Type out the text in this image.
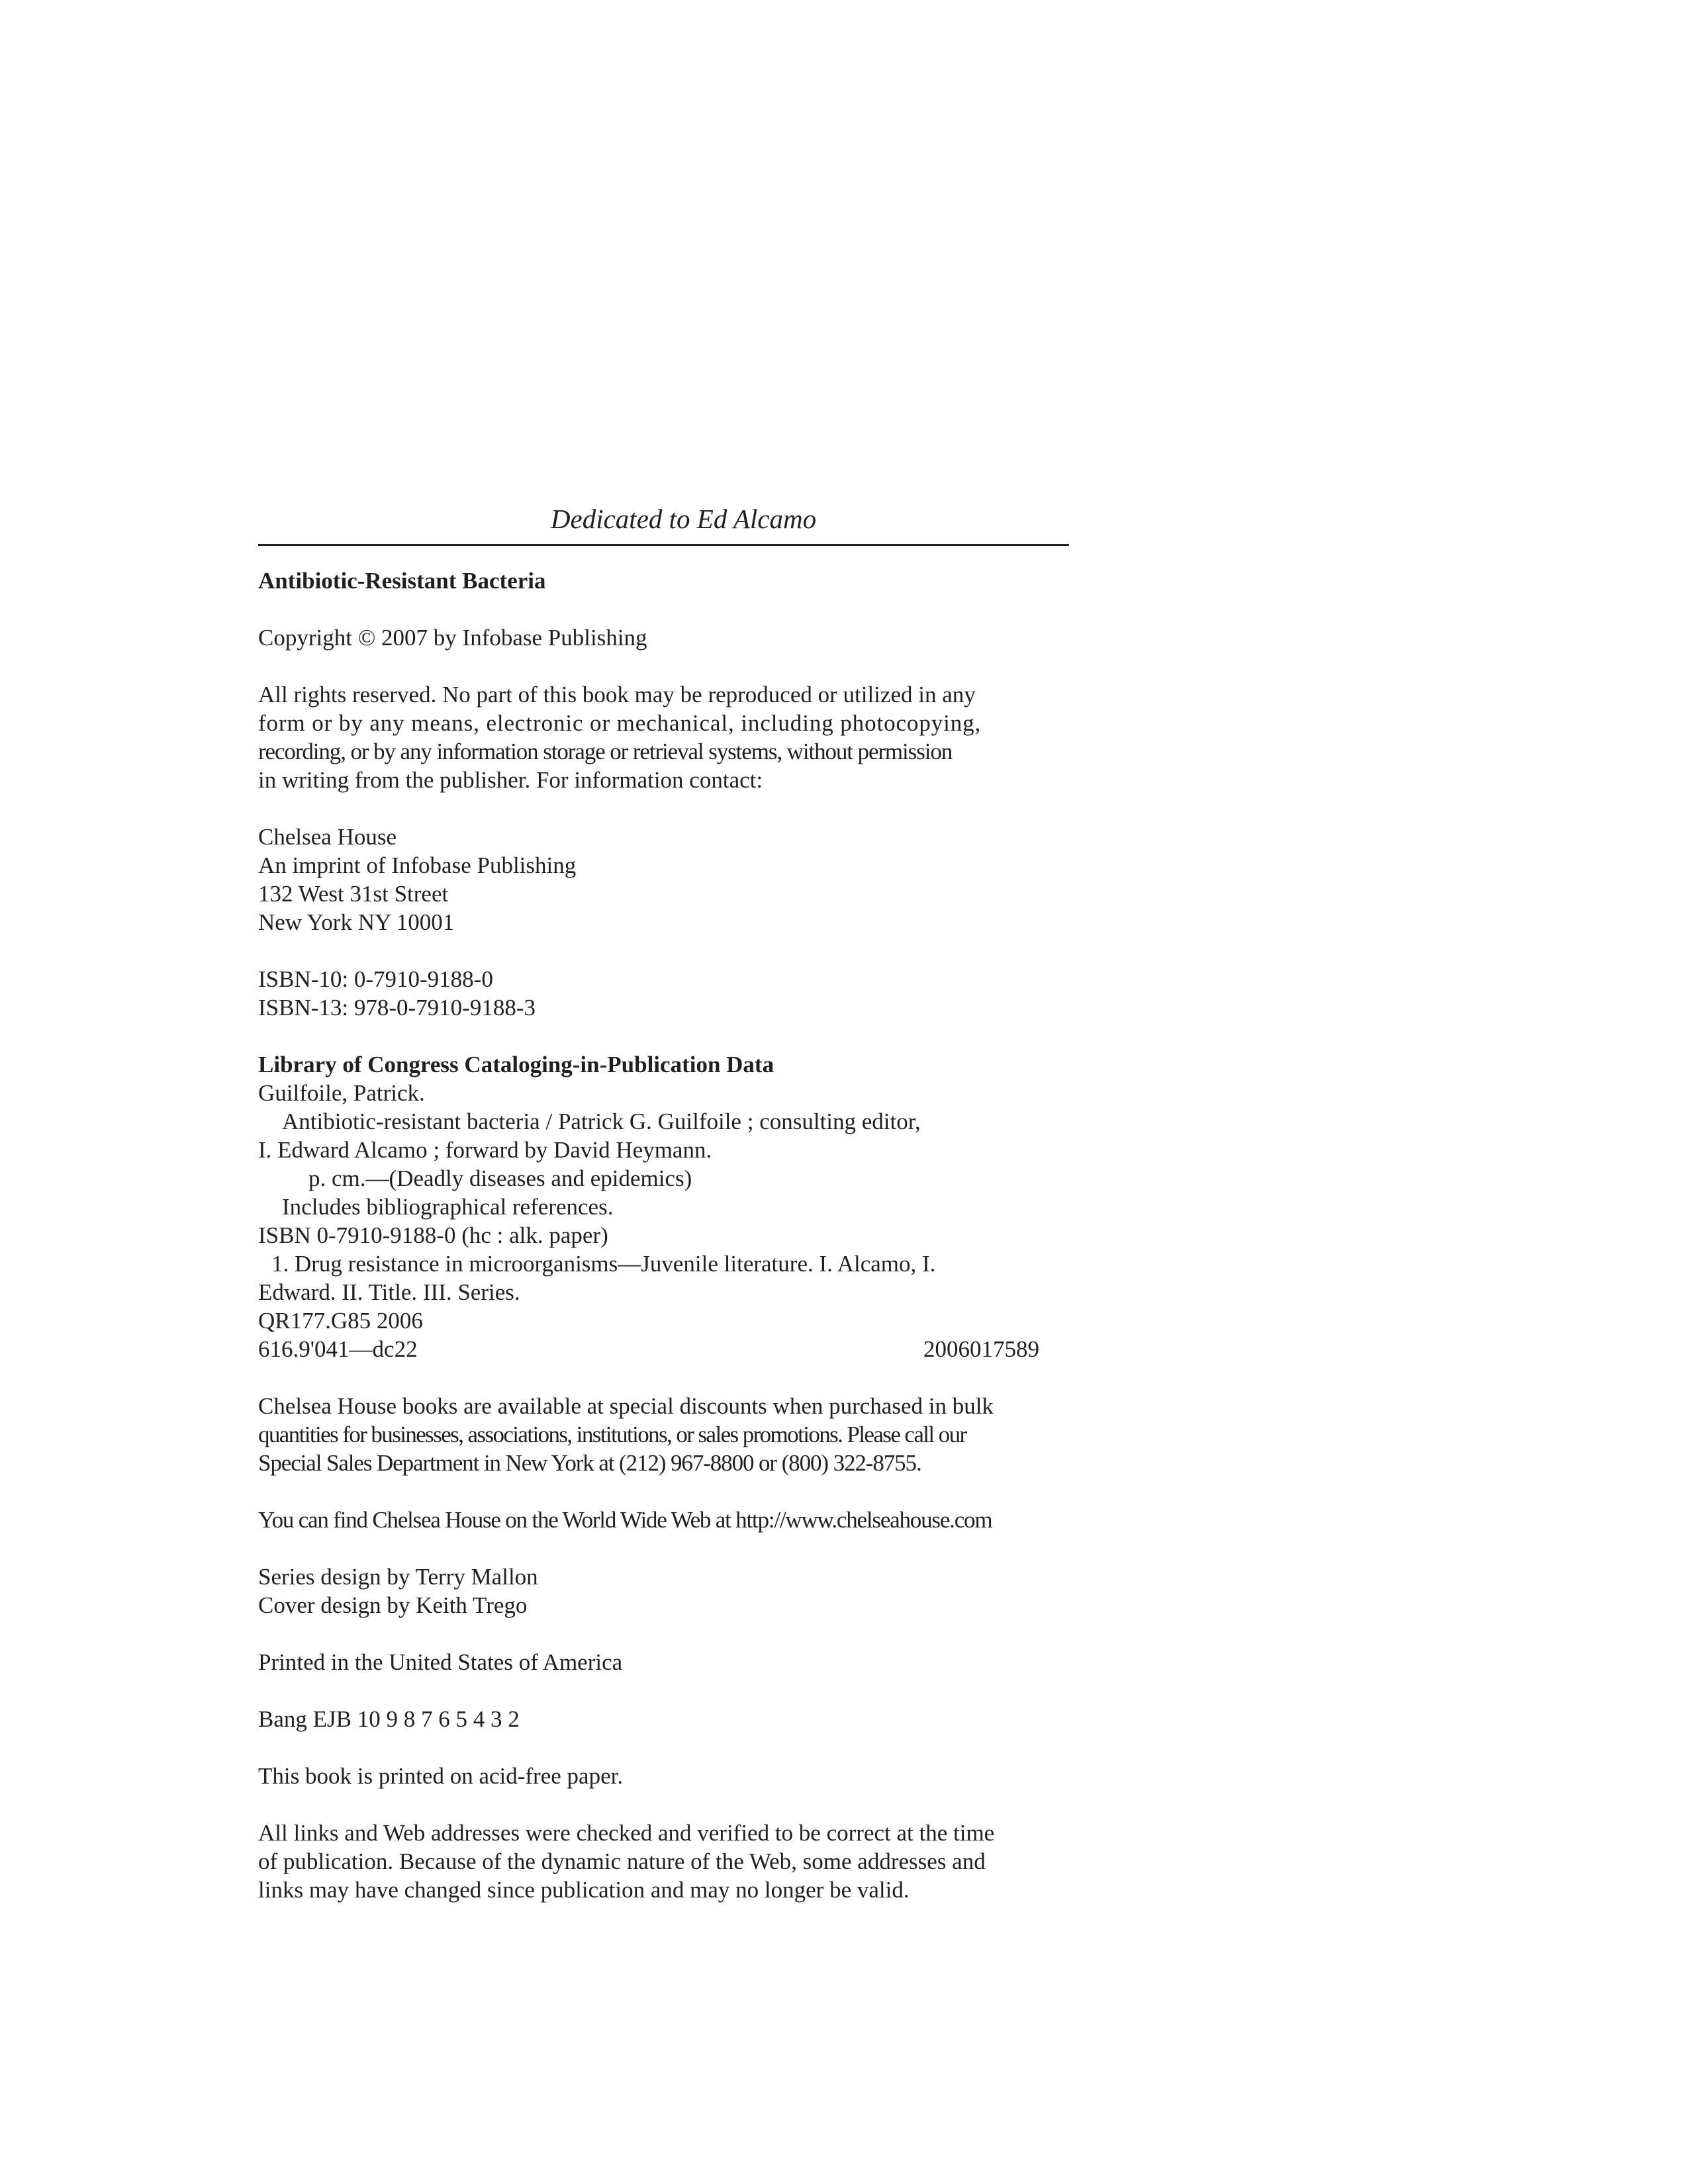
Dedicated to Ed Alcamo
Antibiotic-Resistant Bacteria
Copyright © 2007 by Infobase Publishing
All rights reserved. No part of this book may be reproduced or utilized in any
form or by any means, electronic or mechanical, including photocopying,
recording, or by any information storage or retrieval systems, without permission
in writing from the publisher. For information contact:
Chelsea House
An imprint of Infobase Publishing
132 West 31st Street
New York NY 10001
ISBN-10: 0-7910-9188-0
ISBN-13: 978-0-7910-9188-3
Library of Congress Cataloging-in-Publication Data
Guilfoile, Patrick.
Antibiotic-resistant bacteria / Patrick G. Guilfoile ; consulting editor,
I. Edward Alcamo ; forward by David Heymann.
p. cm.—(Deadly diseases and epidemics)
Includes bibliographical references.
ISBN 0-7910-9188-0 (hc : alk. paper)
1. Drug resistance in microorganisms—Juvenile literature. I. Alcamo, I.
Edward. II. Title. III. Series.
QR177.G85 2006
616.9'041—dc22	2006017589
Chelsea House books are available at special discounts when purchased in bulk
quantities for businesses, associations, institutions, or sales promotions. Please call our
Special Sales Department in New York at (212) 967-8800 or (800) 322-8755.
You can find Chelsea House on the World Wide Web at http://www.chelseahouse.com
Series design by Terry Mallon
Cover design by Keith Trego
Printed in the United States of America
Bang EJB 10 9 8 7 6 5 4 3 2
This book is printed on acid-free paper.
All links and Web addresses were checked and verified to be correct at the time
of publication. Because of the dynamic nature of the Web, some addresses and
links may have changed since publication and may no longer be valid.
